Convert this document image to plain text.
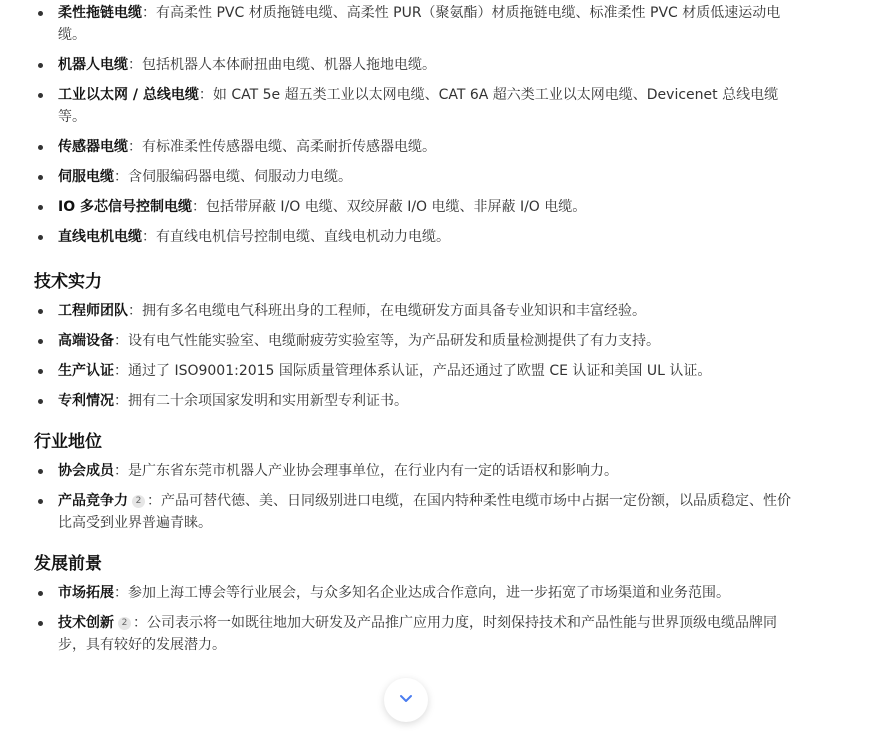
柔性拖链电缆：有高柔性 PVC 材质拖链电缆、高柔性 PUR（聚氨酯）材质拖链电缆、标准柔性 PVC 材质低速运动电缆。
机器人电缆：包括机器人本体耐扭曲电缆、机器人拖地电缆。
工业以太网 / 总线电缆：如 CAT 5e 超五类工业以太网电缆、CAT 6A 超六类工业以太网电缆、Devicenet 总线电缆等。
传感器电缆：有标准柔性传感器电缆、高柔耐折传感器电缆。
伺服电缆：含伺服编码器电缆、伺服动力电缆。
IO 多芯信号控制电缆：包括带屏蔽 I/O 电缆、双绞屏蔽 I/O 电缆、非屏蔽 I/O 电缆。
直线电机电缆：有直线电机信号控制电缆、直线电机动力电缆。
技术实力
工程师团队：拥有多名电缆电气科班出身的工程师，在电缆研发方面具备专业知识和丰富经验。
高端设备：设有电气性能实验室、电缆耐疲劳实验室等，为产品研发和质量检测提供了有力支持。
生产认证：通过了 ISO9001:2015 国际质量管理体系认证，产品还通过了欧盟 CE 认证和美国 UL 认证。
专利情况：拥有二十余项国家发明和实用新型专利证书。
行业地位
协会成员：是广东省东莞市机器人产业协会理事单位，在行业内有一定的话语权和影响力。
产品竞争力 2 ：产品可替代德、美、日同级别进口电缆，在国内特种柔性电缆市场中占据一定份额，以品质稳定、性价比高受到业界普遍青睐。
发展前景
市场拓展：参加上海工博会等行业展会，与众多知名企业达成合作意向，进一步拓宽了市场渠道和业务范围。
技术创新 2 ：公司表示将一如既往地加大研发及产品推广应用力度，时刻保持技术和产品性能与世界顶级电缆品牌同步，具有较好的发展潜力。
